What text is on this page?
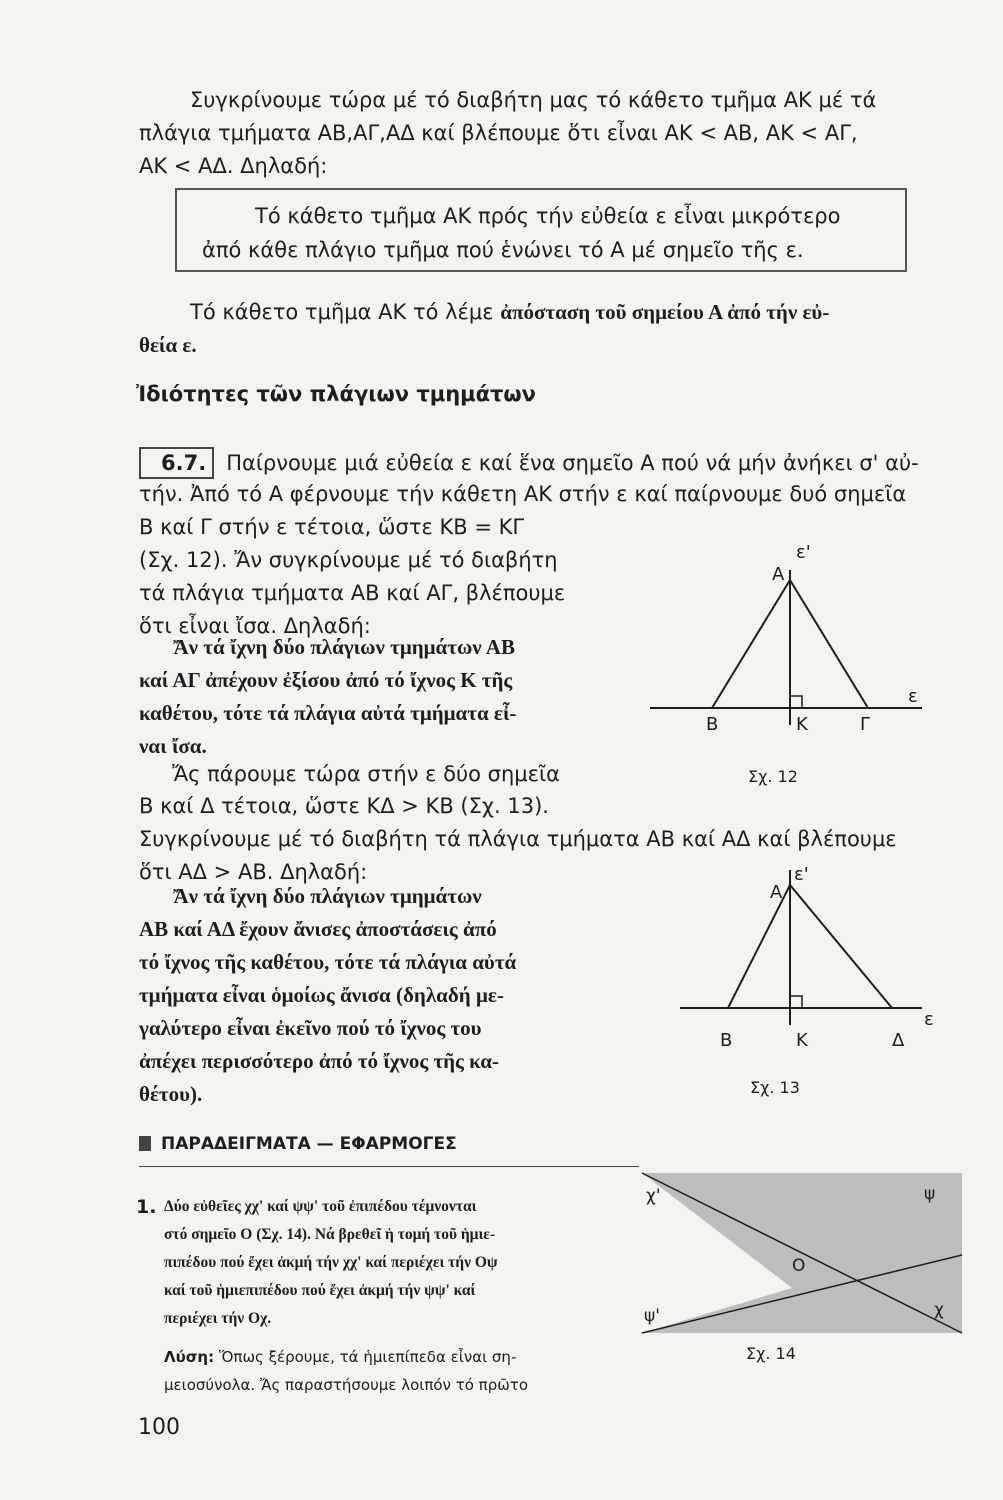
Συγκρίνουμε τώρα μέ τό διαβήτη μας τό κάθετο τμῆμα ΑΚ μέ τά
πλάγια τμήματα ΑΒ,ΑΓ,ΑΔ καί βλέπουμε ὅτι εἶναι ΑΚ < ΑΒ, ΑΚ < ΑΓ,
ΑΚ < ΑΔ. Δηλαδή:
Τό κάθετο τμῆμα ΑΚ πρός τήν εὐθεία ε εἶναι μικρότερο
ἀπό κάθε πλάγιο τμῆμα πού ἑνώνει τό Α μέ σημεῖο τῆς ε.
Τό κάθετο τμῆμα ΑΚ τό λέμε ἀπόσταση τοῦ σημείου Α ἀπό τήν εὐ-
θεία ε.
Ἰδιότητες τῶν πλάγιων τμημάτων
6.7. Παίρνουμε μιά εὐθεία ε καί ἕνα σημεῖο Α πού νά μήν ἀνήκει σ' αὐ-
τήν. Ἀπό τό Α φέρνουμε τήν κάθετη ΑΚ στήν ε καί παίρνουμε δυό σημεῖα
Β καί Γ στήν ε τέτοια, ὥστε ΚΒ = ΚΓ
(Σχ. 12). Ἄν συγκρίνουμε μέ τό διαβήτη
τά πλάγια τμήματα ΑΒ καί ΑΓ, βλέπουμε
ὅτι εἶναι ἴσα. Δηλαδή:
Ἄν τά ἴχνη δύο πλάγιων τμημάτων ΑΒ
καί ΑΓ ἀπέχουν ἐξίσου ἀπό τό ἴχνος Κ τῆς
καθέτου, τότε τά πλάγια αὐτά τμήματα εἶ-
ναι ἴσα.
Ἄς πάρουμε τώρα στήν ε δύο σημεῖα
Β καί Δ τέτοια, ὥστε ΚΔ > ΚΒ (Σχ. 13).
Συγκρίνουμε μέ τό διαβήτη τά πλάγια τμήματα ΑΒ καί ΑΔ καί βλέπουμε
ὅτι ΑΔ > ΑΒ. Δηλαδή:
Ἄν τά ἴχνη δύο πλάγιων τμημάτων
ΑΒ καί ΑΔ ἔχουν ἄνισες ἀποστάσεις ἀπό
τό ἴχνος τῆς καθέτου, τότε τά πλάγια αὐτά
τμήματα εἶναι ὁμοίως ἄνισα (δηλαδή με-
γαλύτερο εἶναι ἐκεῖνο πού τό ἴχνος του
ἀπέχει περισσότερο ἀπό τό ἴχνος τῆς κα-
θέτου).
Α
ε'
ε
Β	Κ	Γ
Σχ. 12
Α
ε'
ε
Β	Κ	Δ
Σχ. 13
ΠΑΡΑΔΕΙΓΜΑΤΑ — ΕΦΑΡΜΟΓΕΣ
1. Δύο εὐθεῖες χχ' καί ψψ' τοῦ ἐπιπέδου τέμνονται
στό σημεῖο Ο (Σχ. 14). Νά βρεθεῖ ἡ τομή τοῦ ἡμιε-
πιπέδου πού ἔχει ἀκμή τήν χχ' καί περιέχει τήν Οψ
καί τοῦ ἡμιεπιπέδου πού ἔχει ἀκμή τήν ψψ' καί
περιέχει τήν Οχ.
Λύση: Ὅπως ξέρουμε, τά ἡμιεπίπεδα εἶναι ση-
μειοσύνολα. Ἄς παραστήσουμε λοιπόν τό πρῶτο
χ'	ψ
Ο
ψ'	χ
Σχ. 14
100
